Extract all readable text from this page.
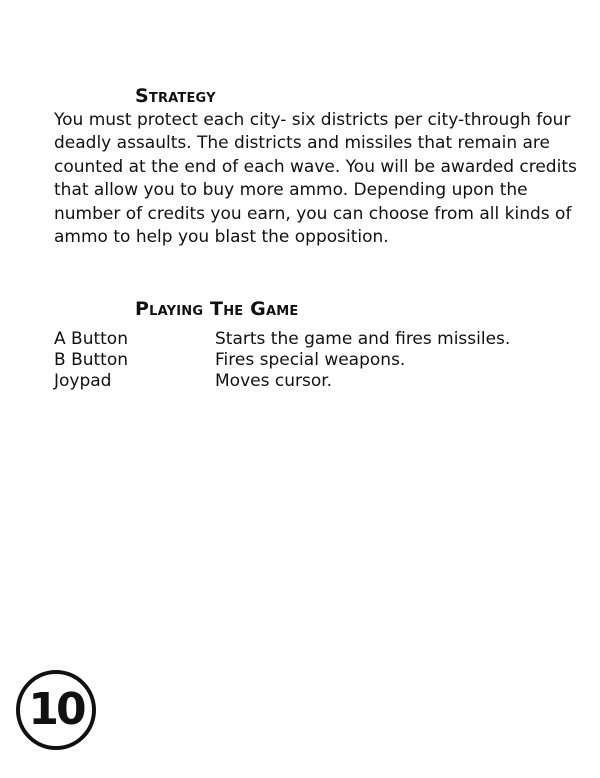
Strategy

You must protect each city- six districts per city-through four deadly assaults. The districts and missiles that remain are counted at the end of each wave. You will be awarded credits that allow you to buy more ammo. Depending upon the number of credits you earn, you can choose from all kinds of ammo to help you blast the opposition.

Playing The Game
A Button	Starts the game and fires missiles.
B Button	Fires special weapons.
Joypad	Moves cursor.
10
